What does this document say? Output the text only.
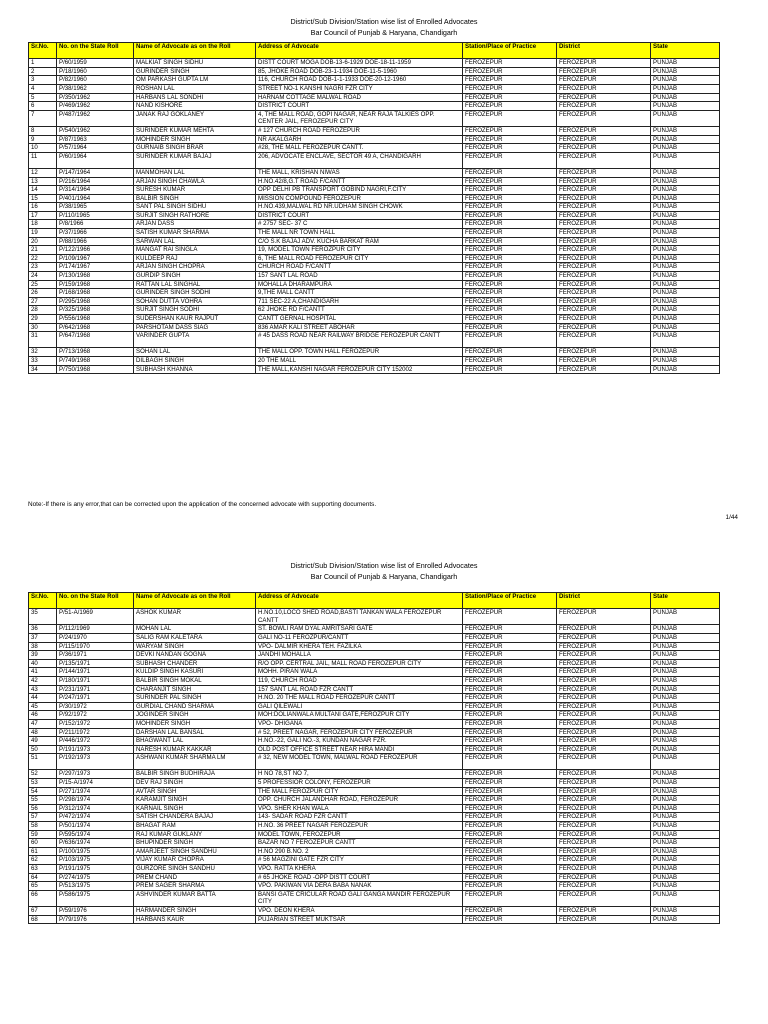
District/Sub Division/Station wise list of Enrolled Advocates
Bar Council of Punjab & Haryana, Chandigarh
Sr.No.	No. on the State Roll	Name of Advocate as on the Roll	Address of Advocate	Station/Place of Practice	District	State
1	P/60/1959	MALKIAT SINGH SIDHU	DISTT COURT MOGA DOB-13-6-1929 DOE-18-11-1959	FEROZEPUR	FEROZEPUR	PUNJAB
2	P/18/1960	GURINDER SINGH	85, JHOKE ROAD DOB-23-1-1934 DOE-11-5-1960	FEROZEPUR	FEROZEPUR	PUNJAB
3	P/82/1960	OM PARKASH GUPTA LM	116, CHURCH ROAD DOB-1-1-1933 DOE-20-12-1960	FEROZEPUR	FEROZEPUR	PUNJAB
4	P/38/1962	ROSHAN LAL	STREET NO-1 KANSHI NAGRI FZR CITY	FEROZEPUR	FEROZEPUR	PUNJAB
5	P/350/1962	HARBANS LAL SONDHI	HARNAM COTTAGE MALWAL ROAD	FEROZEPUR	FEROZEPUR	PUNJAB
6	P/469/1962	NAND KISHORE	DISTRICT COURT	FEROZEPUR	FEROZEPUR	PUNJAB
7	P/487/1962	JANAK RAJ GOKLANEY	4, THE MALL ROAD, GOPI NAGAR, NEAR RAJA TALKIES OPP. CENTER JAIL, FEROZEPUR CITY	FEROZEPUR	FEROZEPUR	PUNJAB
8	P/540/1962	SURINDER KUMAR MEHTA	# 127 CHURCH ROAD FEROZEPUR	FEROZEPUR	FEROZEPUR	PUNJAB
9	P/87/1963	MOHINDER SINGH	NR AKALGARH	FEROZEPUR	FEROZEPUR	PUNJAB
10	P/57/1964	GURNAIB SINGH BRAR	#28, THE MALL FEROZEPUR CANTT.	FEROZEPUR	FEROZEPUR	PUNJAB
11	P/60/1964	SURINDER KUMAR BAJAJ	206, ADVOCATE ENCLAVE, SECTOR 49 A, CHANDIGARH	FEROZEPUR	FEROZEPUR	PUNJAB
12	P/147/1964	MANMOHAN LAL	THE MALL, KRISHAN NIWAS	FEROZEPUR	FEROZEPUR	PUNJAB
13	P/216/1964	ARJAN SINGH CHAWLA	H.NO.42/8,G.T ROAD F/CANTT	FEROZEPUR	FEROZEPUR	PUNJAB
14	P/314/1964	SURESH KUMAR	OPP DELHI PB TRANSPORT GOBIND NAGRI,F.CITY	FEROZEPUR	FEROZEPUR	PUNJAB
15	P/401/1964	BALBIR SINGH	MISSION COMPOUND FEROZEPUR	FEROZEPUR	FEROZEPUR	PUNJAB
16	P/38/1965	SANT PAL SINGH SIDHU	H.NO.439,MALWAL RD NR.UDHAM SINGH CHOWK	FEROZEPUR	FEROZEPUR	PUNJAB
17	P/110/1965	SURJIT SINGH RATHORE	DISTRICT COURT	FEROZEPUR	FEROZEPUR	PUNJAB
18	P/8/1966	ARJAN DASS	# 2757 SEC- 37 C	FEROZEPUR	FEROZEPUR	PUNJAB
19	P/37/1966	SATISH KUMAR SHARMA	THE MALL NR TOWN HALL	FEROZEPUR	FEROZEPUR	PUNJAB
20	P/88/1966	SARWAN LAL	C/O S.K BAJAJ ADV. KUCHA BARKAT RAM	FEROZEPUR	FEROZEPUR	PUNJAB
21	P/122/1966	MANGAT RAI SINGLA	19, MODEL TOWN FEROZPUR CITY	FEROZEPUR	FEROZEPUR	PUNJAB
22	P/109/1967	KULDEEP RAJ	6, THE MALL ROAD FEROZEPUR CITY	FEROZEPUR	FEROZEPUR	PUNJAB
23	P/174/1967	ARJAN SINGH CHOPRA	CHURCH ROAD F/CANTT	FEROZEPUR	FEROZEPUR	PUNJAB
24	P/130/1968	GURDIP SINGH	157 SANT LAL ROAD	FEROZEPUR	FEROZEPUR	PUNJAB
25	P/159/1968	RATTAN LAL SINGHAL	MOHALLA DHARAMPURA	FEROZEPUR	FEROZEPUR	PUNJAB
26	P/168/1968	GURINDER SINGH SODHI	9,THE MALL CANTT	FEROZEPUR	FEROZEPUR	PUNJAB
27	P/295/1968	SOHAN DUTTA VOHRA	711 SEC-22 A,CHANDIGARH	FEROZEPUR	FEROZEPUR	PUNJAB
28	P/325/1968	SURJIT SINGH SODHI	62 JHOKE RD F/CANTT	FEROZEPUR	FEROZEPUR	PUNJAB
29	P/556/1968	SUDERSHAN KAUR RAJPUT	CANTT GERNAL HOSPITAL	FEROZEPUR	FEROZEPUR	PUNJAB
30	P/642/1968	PARSHOTAM DASS SIAG	836 AMAR KALI STREET ABOHAR	FEROZEPUR	FEROZEPUR	PUNJAB
31	P/647/1968	VARINDER GUPTA	# 45 DASS ROAD NEAR RAILWAY BRIDGE FEROZEPUR CANTT	FEROZEPUR	FEROZEPUR	PUNJAB
32	P/713/1968	SOHAN LAL	THE MALL OPP. TOWN HALL FEROZEPUR	FEROZEPUR	FEROZEPUR	PUNJAB
33	P/749/1968	DILBAGH SINGH	20 THE MALL	FEROZEPUR	FEROZEPUR	PUNJAB
34	P/750/1968	SUBHASH KHANNA	THE MALL,KANSHI NAGAR FEROZEPUR CITY 152002	FEROZEPUR	FEROZEPUR	PUNJAB
Note:-If there is any error,that can be corrected upon the application of the concerned advocate with supporting documents.
1/44
District/Sub Division/Station wise list of Enrolled Advocates
Bar Council of Punjab & Haryana, Chandigarh
Sr.No.	No. on the State Roll	Name of Advocate as on the Roll	Address of Advocate	Station/Place of Practice	District	State
35	P/51-A/1969	ASHOK KUMAR	H.NO.10,LOCO SHED ROAD,BASTI TANKAN WALA FEROZEPUR CANTT	FEROZEPUR	FEROZEPUR	PUNJAB
36	P/112/1969	MOHAN LAL	ST. BOWLI RAM DYAL AMRITSARI GATE	FEROZEPUR	FEROZEPUR	PUNJAB
37	P/24/1970	SALIG RAM KALETARA	GALI NO-11 FEROZPUR/CANTT	FEROZEPUR	FEROZEPUR	PUNJAB
38	P/115/1970	WARYAM SINGH	VPO- DALMIR KHERA TEH. FAZILKA	FEROZEPUR	FEROZEPUR	PUNJAB
39	P/36/1971	DEVKI NANDAN GOGNA	JANDHI MOHALLA	FEROZEPUR	FEROZEPUR	PUNJAB
40	P/135/1971	SUBHASH CHANDER	R/O OPP. CERTRAL JAIL, MALL ROAD FEROZEPUR CITY	FEROZEPUR	FEROZEPUR	PUNJAB
41	P/144/1971	KULDIP SINGH KASURI	MOHH. PIRAN WALA	FEROZEPUR	FEROZEPUR	PUNJAB
42	P/180/1971	BALBIR SINGH MOKAL	119, CHURCH ROAD	FEROZEPUR	FEROZEPUR	PUNJAB
43	P/231/1971	CHARANJIT SINGH	157 SANT LAL ROAD FZR CANTT	FEROZEPUR	FEROZEPUR	PUNJAB
44	P/247/1971	SURINDER PAL SINGH	H.NO. 20 THE MALL ROAD FEROZEPUR CANTT	FEROZEPUR	FEROZEPUR	PUNJAB
45	P/30/1972	GURDIAL CHAND SHARMA	GALI QILEWALI	FEROZEPUR	FEROZEPUR	PUNJAB
46	P/92/1972	JOGINDER SINGH	MOH:DOLIANWALA MULTANI GATE,FEROZPUR CITY	FEROZEPUR	FEROZEPUR	PUNJAB
47	P/152/1972	MOHINDER SINGH	VPO- DHIGANA	FEROZEPUR	FEROZEPUR	PUNJAB
48	P/211/1972	DARSHAN LAL BANSAL	# 52, PREET NAGAR, FEROZEPUR CITY FEROZEPUR	FEROZEPUR	FEROZEPUR	PUNJAB
49	P/446/1972	BHAGWANT LAL	H.NO.-22, GALI NO.-3, KUNDAN NAGAR FZR.	FEROZEPUR	FEROZEPUR	PUNJAB
50	P/191/1973	NARESH KUMAR KAKKAR	OLD POST OFFICE STREET NEAR HIRA MANDI	FEROZEPUR	FEROZEPUR	PUNJAB
51	P/192/1973	ASHWANI KUMAR SHARMA LM	# 32, NEW MODEL TOWN, MALWAL ROAD FEROZEPUR	FEROZEPUR	FEROZEPUR	PUNJAB
52	P/297/1973	BALBIR SINGH BUDHIRAJA	H NO 78,ST NO 7,	FEROZEPUR	FEROZEPUR	PUNJAB
53	P/15-A/1974	DEV RAJ SINGH	5 PROFESSIOR COLONY, FEROZEPUR	FEROZEPUR	FEROZEPUR	PUNJAB
54	P/271/1974	AVTAR SINGH	THE MALL FEROZPUR CITY	FEROZEPUR	FEROZEPUR	PUNJAB
55	P/298/1974	KARAMJIT SINGH	OPP. CHURCH JALANDHAR ROAD, FEROZEPUR	FEROZEPUR	FEROZEPUR	PUNJAB
56	P/312/1974	KARNAIL SINGH	VPO. SHER KHAN WALA	FEROZEPUR	FEROZEPUR	PUNJAB
57	P/472/1974	SATISH CHANDERA BAJAJ	143- SADAR ROAD FZR CANTT	FEROZEPUR	FEROZEPUR	PUNJAB
58	P/501/1974	BHAGAT RAM	H.NO. 36 PREET NAGAR FEROZEPUR	FEROZEPUR	FEROZEPUR	PUNJAB
59	P/595/1974	RAJ KUMAR GUKLANY	MODEL TOWN, FEROZEPUR	FEROZEPUR	FEROZEPUR	PUNJAB
60	P/636/1974	BHUPINDER SINGH	BAZAR NO 7 FEROZEPUR CANTT	FEROZEPUR	FEROZEPUR	PUNJAB
61	P/100/1975	AMARJEET SINGH SANDHU	H.NO 290 B.NO. 2	FEROZEPUR	FEROZEPUR	PUNJAB
62	P/103/1975	VIJAY KUMAR CHOPRA	# 56 MAGZINI GATE FZR CITY	FEROZEPUR	FEROZEPUR	PUNJAB
63	P/191/1975	GURZORE SINGH SANDHU	VPO. RATTA KHERA	FEROZEPUR	FEROZEPUR	PUNJAB
64	P/274/1975	PREM CHAND	# 65 JHOKE ROAD -OPP DISTT COURT	FEROZEPUR	FEROZEPUR	PUNJAB
65	P/513/1975	PREM SAGER SHARMA	VPO. PAKIWAN VIA DERA BABA NANAK	FEROZEPUR	FEROZEPUR	PUNJAB
66	P/586/1975	ASHVINDER KUMAR BATTA	BANSI GATE CRICULAR ROAD GALI GANGA MANDIR FEROZEPUR CITY	FEROZEPUR	FEROZEPUR	PUNJAB
67	P/59/1976	HARMANDER SINGH	VPO. DEON KHERA	FEROZEPUR	FEROZEPUR	PUNJAB
68	P/79/1976	HARBANS KAUR	PUJARIAN STREET MUKTSAR	FEROZEPUR	FEROZEPUR	PUNJAB
